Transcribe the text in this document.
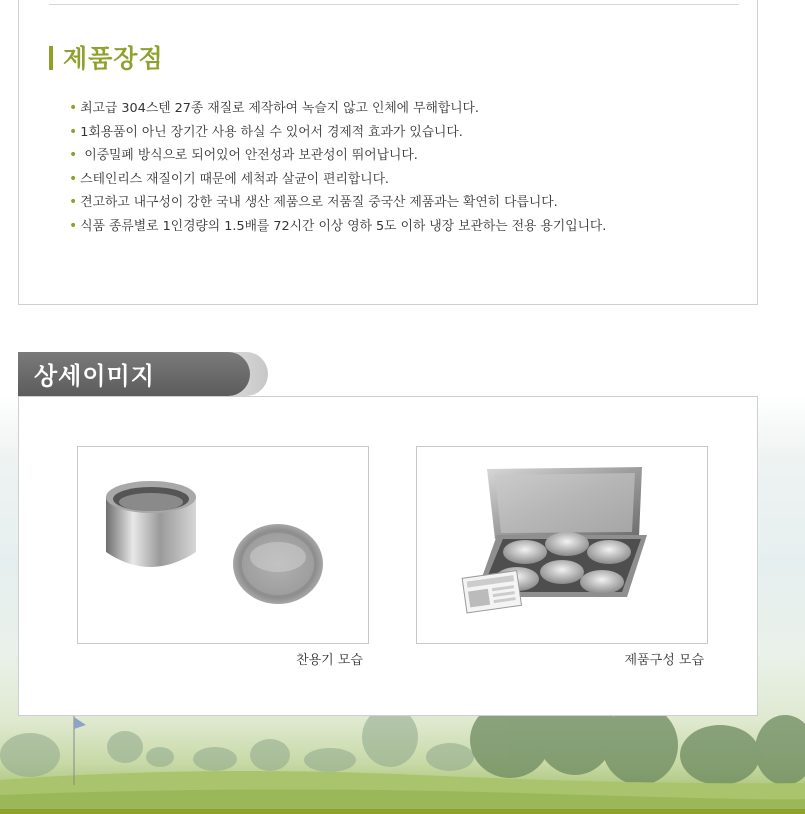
제품장점
• 최고급 304스텐 27종 재질로 제작하여 녹슬지 않고 인체에 무해합니다.
• 1회용품이 아닌 장기간 사용 하실 수 있어서 경제적 효과가 있습니다.
• 이중밀폐 방식으로 되어있어 안전성과 보관성이 뛰어납니다.
• 스테인리스 재질이기 때문에 세척과 살균이 편리합니다.
• 견고하고 내구성이 강한 국내 생산 제품으로 저품질 중국산 제품과는 확연히 다릅니다.
• 식품 종류별로 1인경량의 1.5배를 72시간 이상 영하 5도 이하 냉장 보관하는 전용 용기입니다.
상세이미지
찬용기 모습	제품구성 모습
